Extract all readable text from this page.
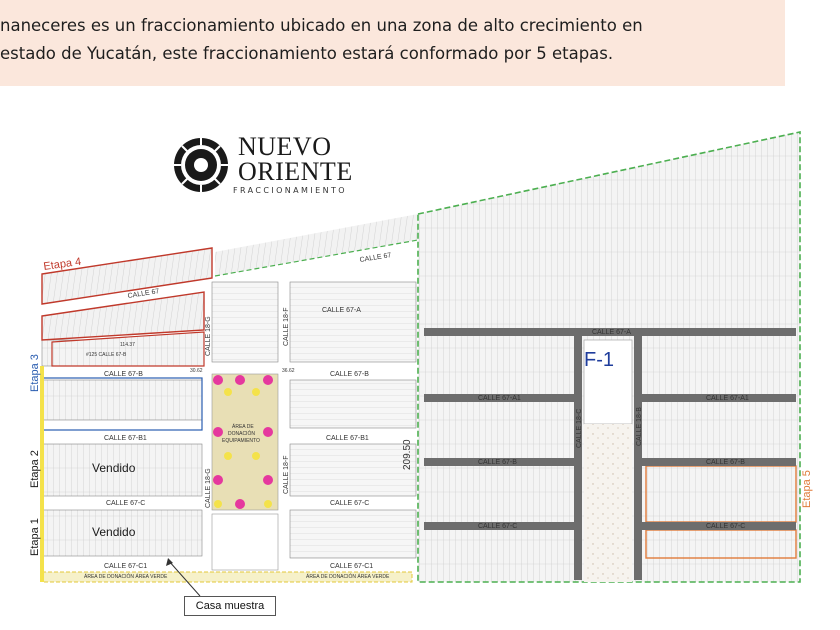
naneceres es un fraccionamiento ubicado en una zona de alto crecimiento en
estado de Yucatán, este fraccionamiento estará conformado por 5 etapas.
CALLE 67
CALLE 67
CALLE 67-A
CALLE 67-A
CALLE 67-B	CALLE 67-B
CALLE 67-B1	CALLE 67-B1
CALLE 67-C	CALLE 67-C
CALLE 67-C1	CALLE 67-C1
CALLE 67-A1	CALLE 67-A1
CALLE 67-B	CALLE 67-B
CALLE 67-C	CALLE 67-C
CALLE 18-G	CALLE 18-F
CALLE 18-G	CALLE 18-F
CALLE 18-C	CALLE 18-B
30.62	36.62
114.37
#125 CALLE 67-B
209.50
ÁREA DE
DONACIÓN
EQUIPAMIENTO
ÁREA DE DONACIÓN ÁREA VERDE	ÁREA DE DONACIÓN ÁREA VERDE
Etapa 4
Etapa 3
Etapa 2
Etapa 1
Etapa 5
Vendido
Vendido
F-1
NUEVO
ORIENTE
FRACCIONAMIENTO
Casa muestra
